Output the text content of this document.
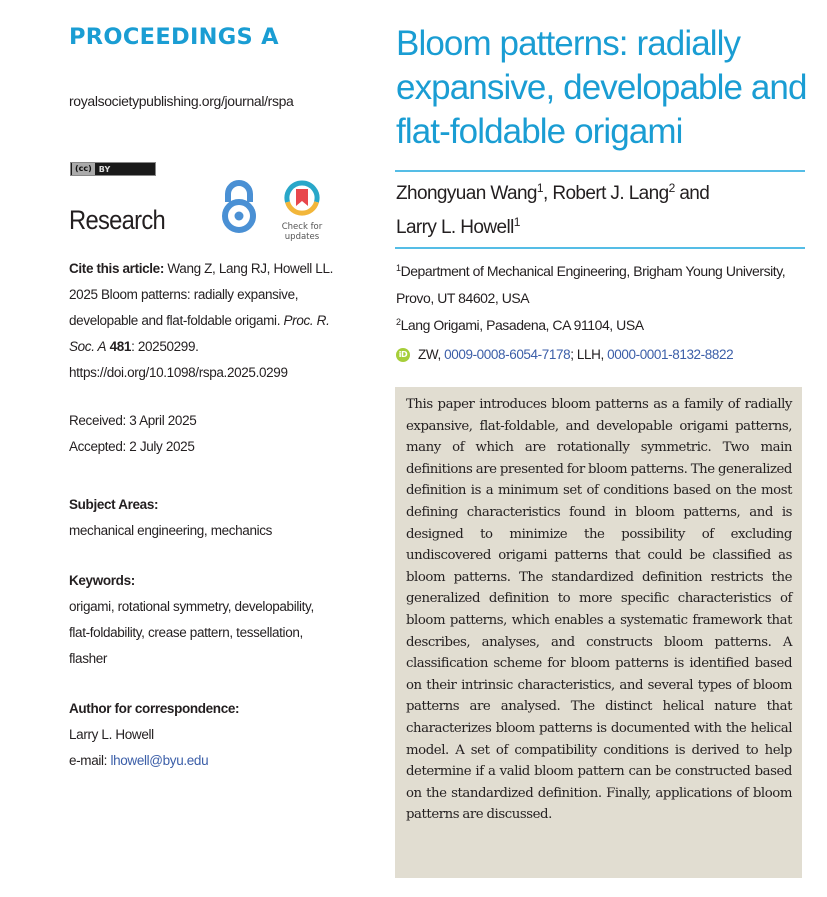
PROCEEDINGS A
royalsocietypublishing.org/journal/rspa
(cc) BY
Research	Check for
updates
Cite this article: Wang Z, Lang RJ, Howell LL.
2025 Bloom patterns: radially expansive,
developable and flat-foldable origami. Proc. R.
Soc. A 481: 20250299.
https://doi.org/10.1098/rspa.2025.0299
Received: 3 April 2025
Accepted: 2 July 2025
Subject Areas:
mechanical engineering, mechanics
Keywords:
origami, rotational symmetry, developability,
flat-foldability, crease pattern, tessellation,
flasher
Author for correspondence:
Larry L. Howell
e-mail: lhowell@byu.edu
Bloom patterns: radially
expansive, developable and
flat-foldable origami
Zhongyuan Wang$^1$, Robert J. Lang$^2$ and
Larry L. Howell$^1$
$^1$Department of Mechanical Engineering, Brigham Young University,
Provo, UT 84602, USA
$^2$Lang Origami, Pasadena, CA 91104, USA
iD ZW, 0009-0008-6054-7178 ; LLH, 0000-0001-8132-8822
This paper introduces bloom patterns as a family of radially expansive, flat-foldable, and developable origami patterns, many of which are rotationally symmetric. Two main definitions are presented for bloom patterns. The generalized definition is a minimum set of conditions based on the most defining characteristics found in bloom patterns, and is designed to minimize the possibility of excluding undiscovered origami patterns that could be classified as bloom patterns. The standardized definition restricts the generalized definition to more specific characteristics of bloom patterns, which enables a systematic framework that describes, analyses, and constructs bloom patterns. A classification scheme for bloom patterns is identified based on their intrinsic characteristics, and several types of bloom patterns are analysed. The distinct helical nature that characterizes bloom patterns is documented with the helical model. A set of compatibility conditions is derived to help determine if a valid bloom pattern can be constructed based on the standardized definition. Finally, applications of bloom patterns are discussed.
